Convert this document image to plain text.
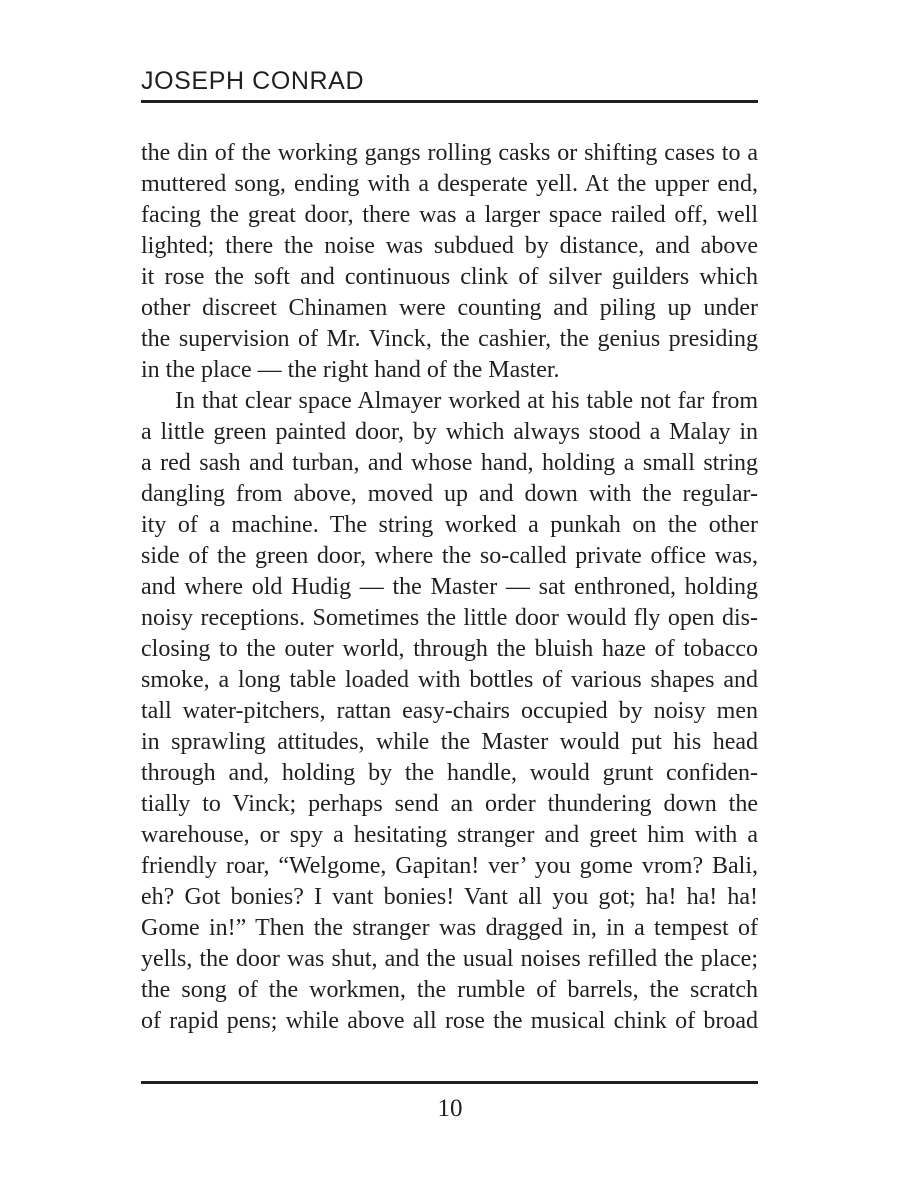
JOSEPH CONRAD
the din of the working gangs rolling casks or shifting cases to a
muttered song, ending with a desperate yell. At the upper end,
facing the great door, there was a larger space railed off, well
lighted; there the noise was subdued by distance, and above
it rose the soft and continuous clink of silver guilders which
other discreet Chinamen were counting and piling up under
the supervision of Mr. Vinck, the cashier, the genius presiding
in the place — the right hand of the Master.
In that clear space Almayer worked at his table not far from
a little green painted door, by which always stood a Malay in
a red sash and turban, and whose hand, holding a small string
dangling from above, moved up and down with the regular-
ity of a machine. The string worked a punkah on the other
side of the green door, where the so-called private office was,
and where old Hudig — the Master — sat enthroned, holding
noisy receptions. Sometimes the little door would fly open dis-
closing to the outer world, through the bluish haze of tobacco
smoke, a long table loaded with bottles of various shapes and
tall water-pitchers, rattan easy-chairs occupied by noisy men
in sprawling attitudes, while the Master would put his head
through and, holding by the handle, would grunt confiden-
tially to Vinck; perhaps send an order thundering down the
warehouse, or spy a hesitating stranger and greet him with a
friendly roar, “Welgome, Gapitan! ver’ you gome vrom? Bali,
eh? Got bonies? I vant bonies! Vant all you got; ha! ha! ha!
Gome in!” Then the stranger was dragged in, in a tempest of
yells, the door was shut, and the usual noises refilled the place;
the song of the workmen, the rumble of barrels, the scratch
of rapid pens; while above all rose the musical chink of broad
10
